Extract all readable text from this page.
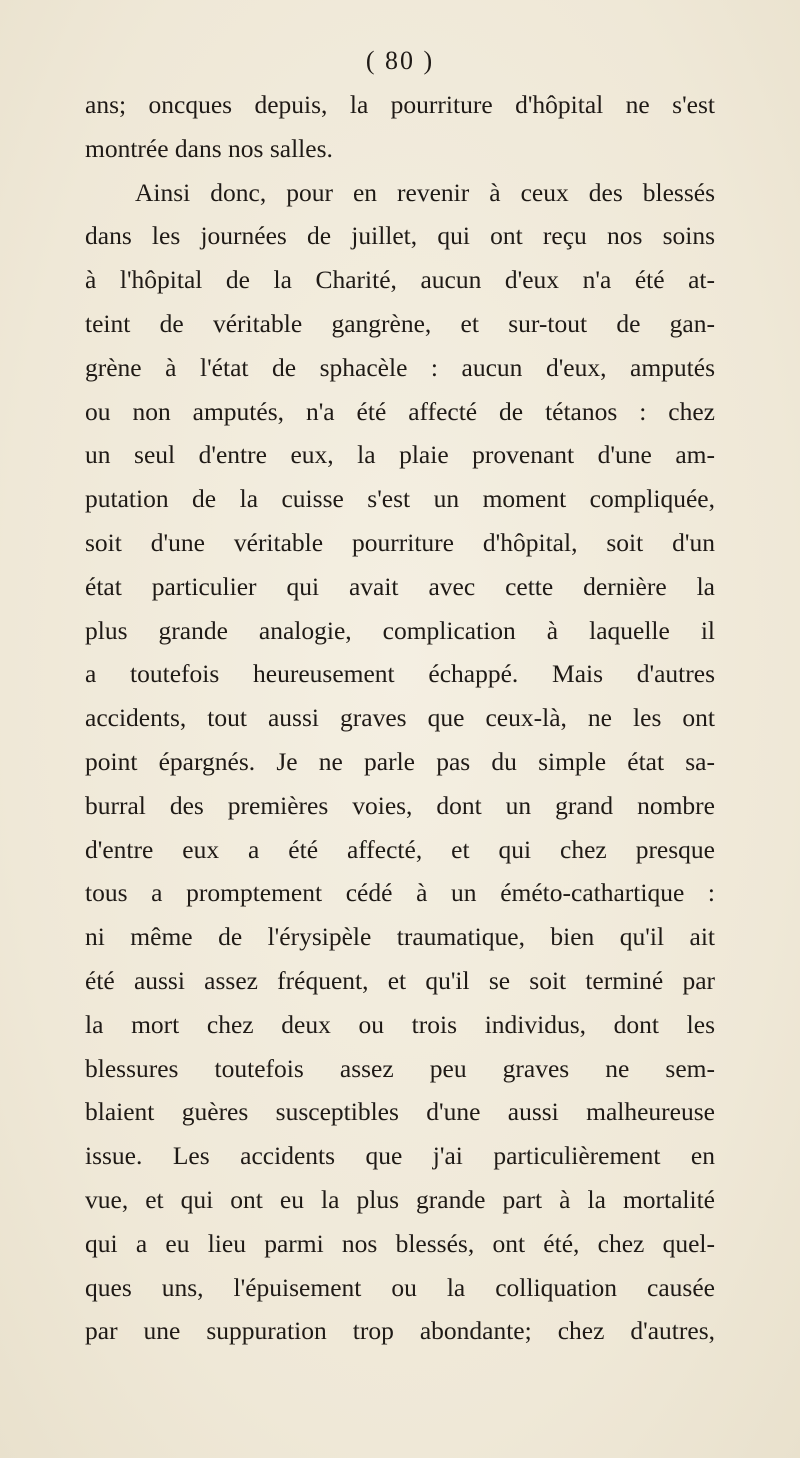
( 80 )
ans; oncques depuis, la pourriture d'hôpital ne s'est
montrée dans nos salles.
Ainsi donc, pour en revenir à ceux des blessés
dans les journées de juillet, qui ont reçu nos soins
à l'hôpital de la Charité, aucun d'eux n'a été at-
teint de véritable gangrène, et sur-tout de gan-
grène à l'état de sphacèle : aucun d'eux, amputés
ou non amputés, n'a été affecté de tétanos : chez
un seul d'entre eux, la plaie provenant d'une am-
putation de la cuisse s'est un moment compliquée,
soit d'une véritable pourriture d'hôpital, soit d'un
état particulier qui avait avec cette dernière la
plus grande analogie, complication à laquelle il
a toutefois heureusement échappé. Mais d'autres
accidents, tout aussi graves que ceux-là, ne les ont
point épargnés. Je ne parle pas du simple état sa-
burral des premières voies, dont un grand nombre
d'entre eux a été affecté, et qui chez presque
tous a promptement cédé à un éméto-cathartique :
ni même de l'érysipèle traumatique, bien qu'il ait
été aussi assez fréquent, et qu'il se soit terminé par
la mort chez deux ou trois individus, dont les
blessures toutefois assez peu graves ne sem-
blaient guères susceptibles d'une aussi malheureuse
issue. Les accidents que j'ai particulièrement en
vue, et qui ont eu la plus grande part à la mortalité
qui a eu lieu parmi nos blessés, ont été, chez quel-
ques uns, l'épuisement ou la colliquation causée
par une suppuration trop abondante; chez d'autres,
